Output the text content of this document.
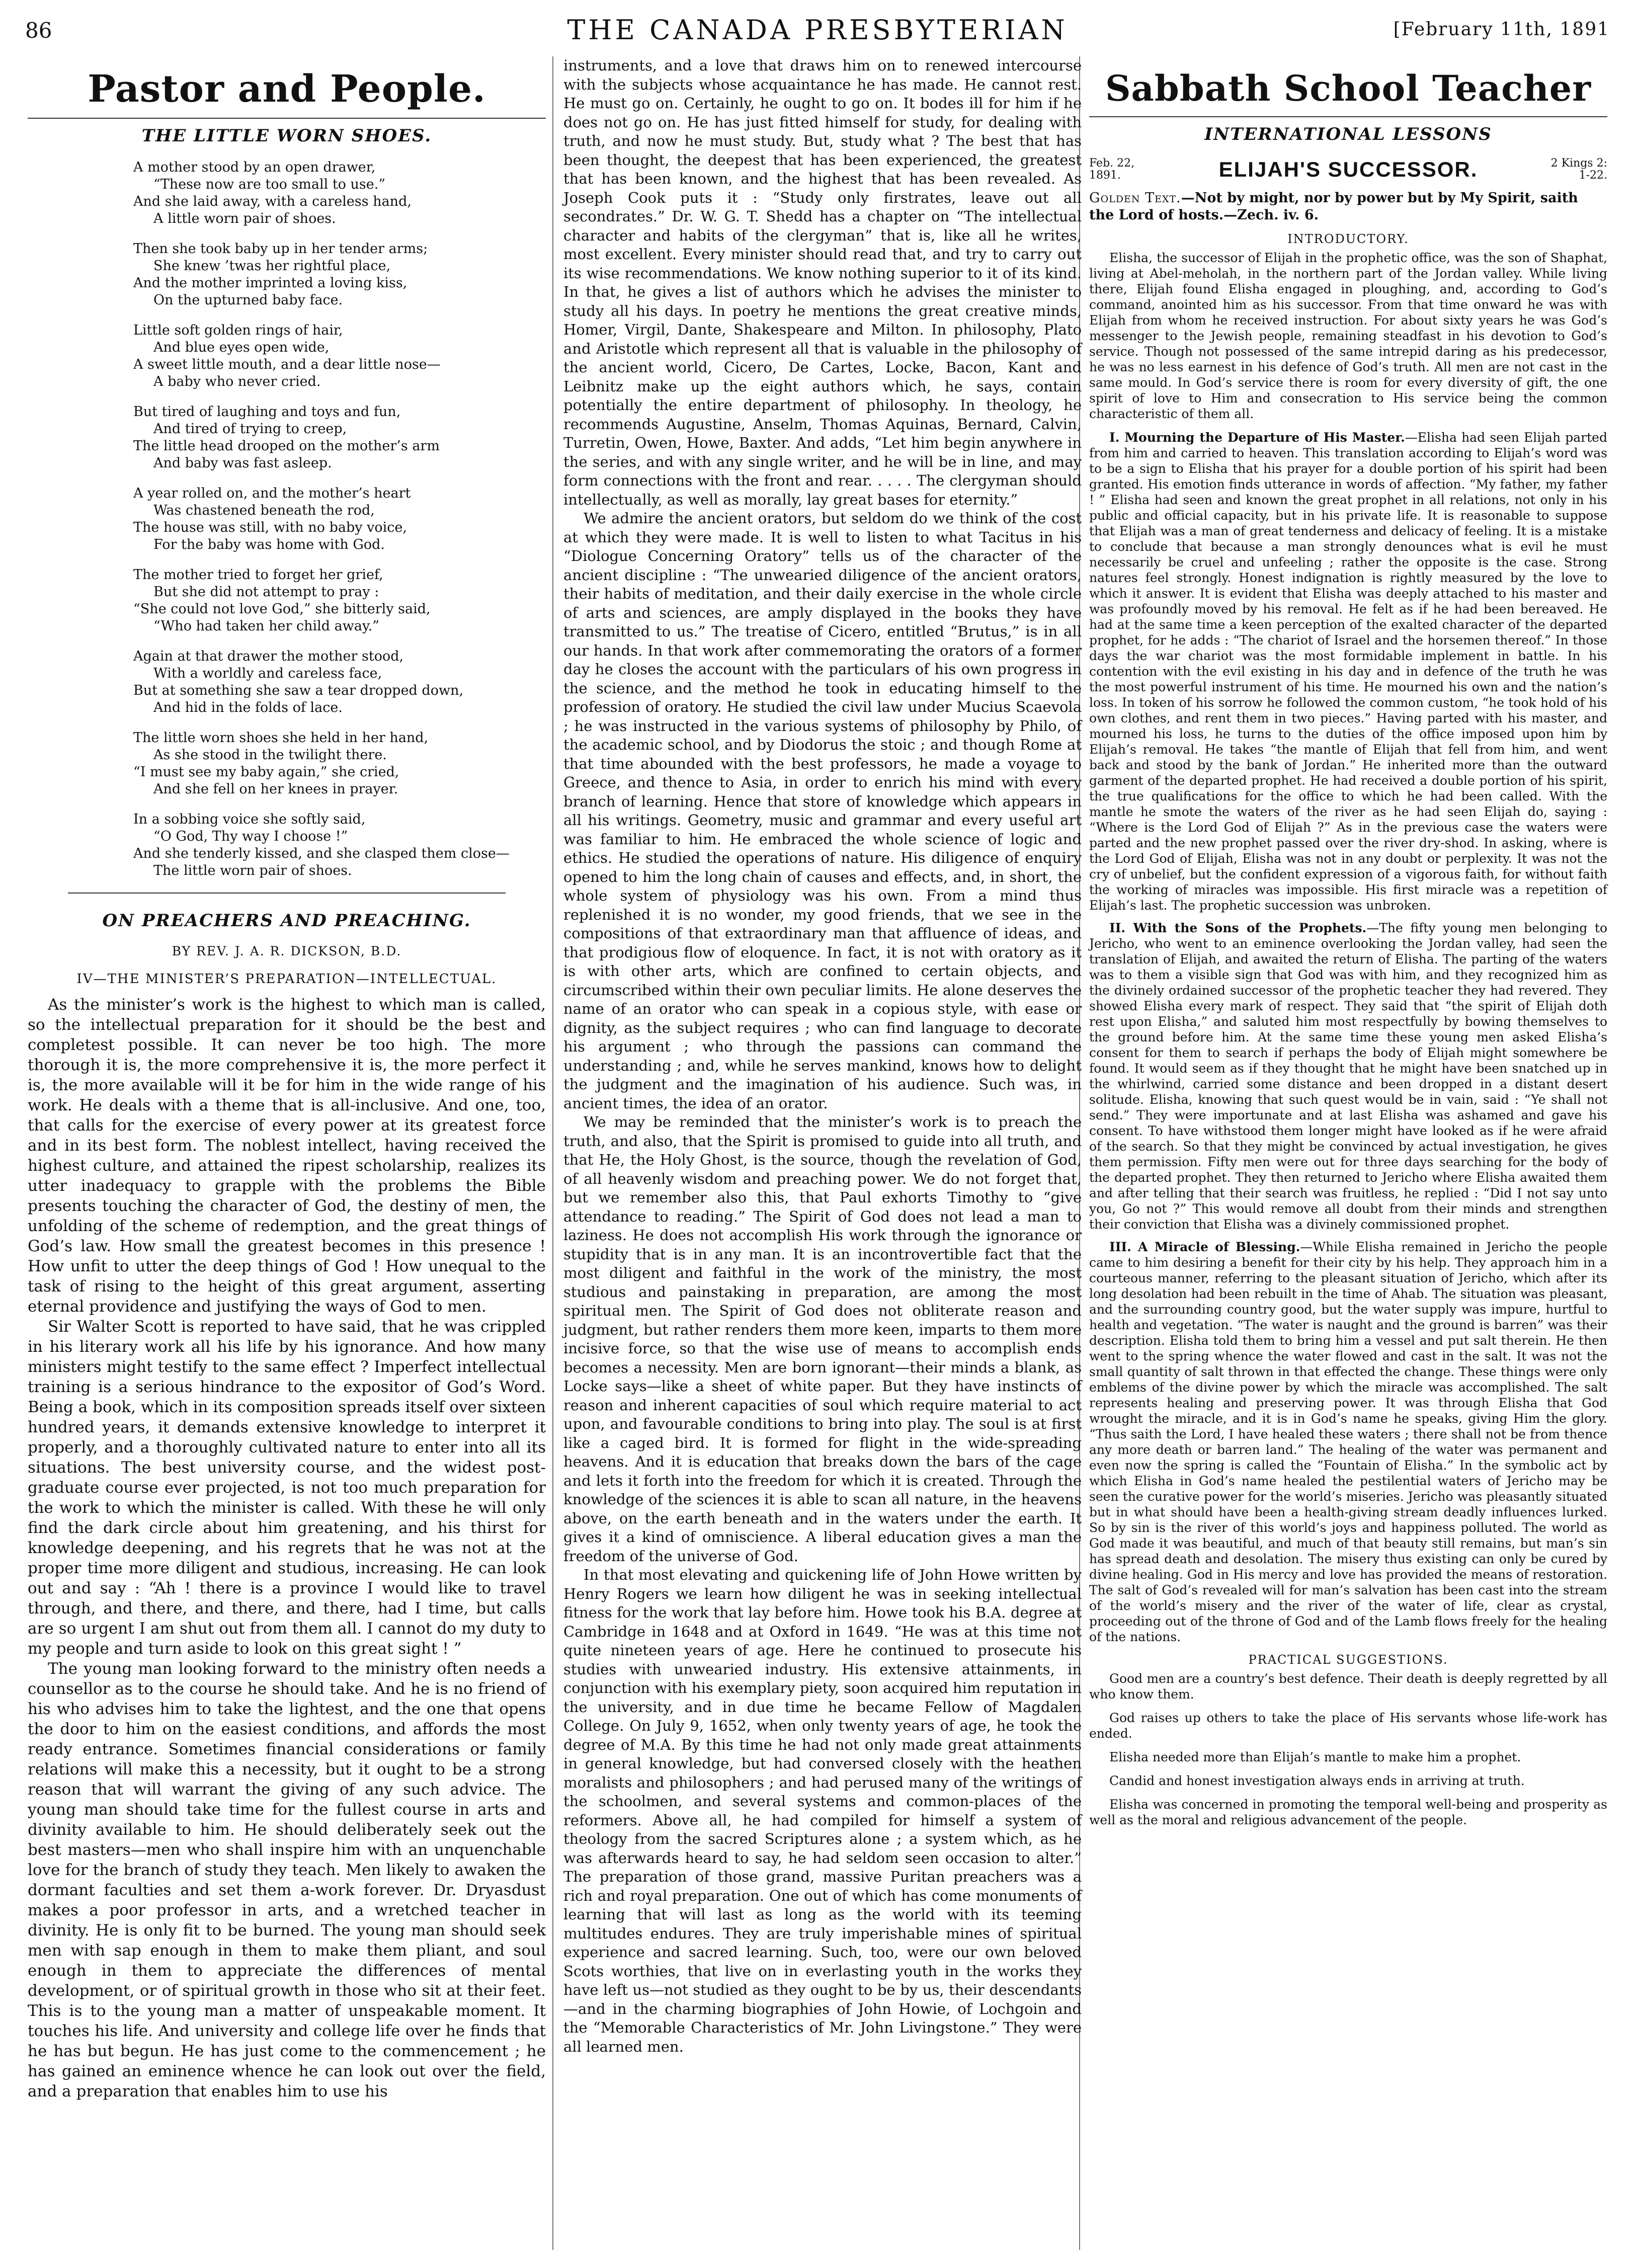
86	THE CANADA PRESBYTERIAN	[February 11th, 1891
Pastor and People.
THE LITTLE WORN SHOES.
A mother stood by an open drawer,
“These now are too small to use.”
And she laid away, with a careless hand,
A little worn pair of shoes.
Then she took baby up in her tender arms;
She knew ’twas her rightful place,
And the mother imprinted a loving kiss,
On the upturned baby face.
Little soft golden rings of hair,
And blue eyes open wide,
A sweet little mouth, and a dear little nose—
A baby who never cried.
But tired of laughing and toys and fun,
And tired of trying to creep,
The little head drooped on the mother’s arm
And baby was fast asleep.
A year rolled on, and the mother’s heart
Was chastened beneath the rod,
The house was still, with no baby voice,
For the baby was home with God.
The mother tried to forget her grief,
But she did not attempt to pray :
“She could not love God,” she bitterly said,
“Who had taken her child away.”
Again at that drawer the mother stood,
With a worldly and careless face,
But at something she saw a tear dropped down,
And hid in the folds of lace.
The little worn shoes she held in her hand,
As she stood in the twilight there.
“I must see my baby again,” she cried,
And she fell on her knees in prayer.
In a sobbing voice she softly said,
“O God, Thy way I choose !”
And she tenderly kissed, and she clasped them close—
The little worn pair of shoes.
ON PREACHERS AND PREACHING.
BY REV. J. A. R. DICKSON, B.D.
IV—THE MINISTER’S PREPARATION—INTELLECTUAL.

As the minister’s work is the highest to which man is called, so the intellectual preparation for it should be the best and completest possible. It can never be too high. The more thorough it is, the more comprehensive it is, the more perfect it is, the more available will it be for him in the wide range of his work. He deals with a theme that is all-inclusive. And one, too, that calls for the exercise of every power at its greatest force and in its best form. The noblest intellect, having received the highest culture, and attained the ripest scholarship, realizes its utter inadequacy to grapple with the problems the Bible presents touching the character of God, the destiny of men, the unfolding of the scheme of redemption, and the great things of God’s law. How small the greatest becomes in this presence ! How unfit to utter the deep things of God ! How unequal to the task of rising to the height of this great argument, asserting eternal providence and justifying the ways of God to men.

Sir Walter Scott is reported to have said, that he was crippled in his literary work all his life by his ignorance. And how many ministers might testify to the same effect ? Imperfect intellectual training is a serious hindrance to the expositor of God’s Word. Being a book, which in its composition spreads itself over sixteen hundred years, it demands extensive knowledge to interpret it properly, and a thoroughly cultivated nature to enter into all its situations. The best university course, and the widest post-graduate course ever projected, is not too much preparation for the work to which the minister is called. With these he will only find the dark circle about him greatening, and his thirst for knowledge deepening, and his regrets that he was not at the proper time more diligent and studious, increasing. He can look out and say : “Ah ! there is a province I would like to travel through, and there, and there, and there, had I time, but calls are so urgent I am shut out from them all. I cannot do my duty to my people and turn aside to look on this great sight ! ”

The young man looking forward to the ministry often needs a counsellor as to the course he should take. And he is no friend of his who advises him to take the lightest, and the one that opens the door to him on the easiest conditions, and affords the most ready entrance. Sometimes financial considerations or family relations will make this a necessity, but it ought to be a strong reason that will warrant the giving of any such advice. The young man should take time for the fullest course in arts and divinity available to him. He should deliberately seek out the best masters—men who shall inspire him with an unquenchable love for the branch of study they teach. Men likely to awaken the dormant faculties and set them a-work forever. Dr. Dryasdust makes a poor professor in arts, and a wretched teacher in divinity. He is only fit to be burned. The young man should seek men with sap enough in them to make them pliant, and soul enough in them to appreciate the differences of mental development, or of spiritual growth in those who sit at their feet. This is to the young man a matter of unspeakable moment. It touches his life. And university and college life over he finds that he has but begun. He has just come to the commencement ; he has gained an eminence whence he can look out over the field, and a preparation that enables him to use his

instruments, and a love that draws him on to renewed intercourse with the subjects whose acquaintance he has made. He cannot rest. He must go on. Certainly, he ought to go on. It bodes ill for him if he does not go on. He has just fitted himself for study, for dealing with truth, and now he must study. But, study what ? The best that has been thought, the deepest that has been experienced, the greatest that has been known, and the highest that has been revealed. As Joseph Cook puts it : “Study only firstrates, leave out all secondrates.” Dr. W. G. T. Shedd has a chapter on “The intellectual character and habits of the clergyman” that is, like all he writes, most excellent. Every minister should read that, and try to carry out its wise recommendations. We know nothing superior to it of its kind. In that, he gives a list of authors which he advises the minister to study all his days. In poetry he mentions the great creative minds, Homer, Virgil, Dante, Shakespeare and Milton. In philosophy, Plato and Aristotle which represent all that is valuable in the philosophy of the ancient world, Cicero, De Cartes, Locke, Bacon, Kant and Leibnitz make up the eight authors which, he says, contain potentially the entire department of philosophy. In theology, he recommends Augustine, Anselm, Thomas Aquinas, Bernard, Calvin, Turretin, Owen, Howe, Baxter. And adds, “Let him begin anywhere in the series, and with any single writer, and he will be in line, and may form connections with the front and rear. . . . . The clergyman should intellectually, as well as morally, lay great bases for eternity.”

We admire the ancient orators, but seldom do we think of the cost at which they were made. It is well to listen to what Tacitus in his “Diologue Concerning Oratory” tells us of the character of the ancient discipline : “The unwearied diligence of the ancient orators, their habits of meditation, and their daily exercise in the whole circle of arts and sciences, are amply displayed in the books they have transmitted to us.” The treatise of Cicero, entitled “Brutus,” is in all our hands. In that work after commemorating the orators of a former day he closes the account with the particulars of his own progress in the science, and the method he took in educating himself to the profession of oratory. He studied the civil law under Mucius Scaevola ; he was instructed in the various systems of philosophy by Philo, of the academic school, and by Diodorus the stoic ; and though Rome at that time abounded with the best professors, he made a voyage to Greece, and thence to Asia, in order to enrich his mind with every branch of learning. Hence that store of knowledge which appears in all his writings. Geometry, music and grammar and every useful art was familiar to him. He embraced the whole science of logic and ethics. He studied the operations of nature. His diligence of enquiry opened to him the long chain of causes and effects, and, in short, the whole system of physiology was his own. From a mind thus replenished it is no wonder, my good friends, that we see in the compositions of that extraordinary man that affluence of ideas, and that prodigious flow of eloquence. In fact, it is not with oratory as it is with other arts, which are confined to certain objects, and circumscribed within their own peculiar limits. He alone deserves the name of an orator who can speak in a copious style, with ease or dignity, as the subject requires ; who can find language to decorate his argument ; who through the passions can command the understanding ; and, while he serves mankind, knows how to delight the judgment and the imagination of his audience. Such was, in ancient times, the idea of an orator.

We may be reminded that the minister’s work is to preach the truth, and also, that the Spirit is promised to guide into all truth, and that He, the Holy Ghost, is the source, though the revelation of God, of all heavenly wisdom and preaching power. We do not forget that, but we remember also this, that Paul exhorts Timothy to “give attendance to reading.” The Spirit of God does not lead a man to laziness. He does not accomplish His work through the ignorance or stupidity that is in any man. It is an incontrovertible fact that the most diligent and faithful in the work of the ministry, the most studious and painstaking in preparation, are among the most spiritual men. The Spirit of God does not obliterate reason and judgment, but rather renders them more keen, imparts to them more incisive force, so that the wise use of means to accomplish ends becomes a necessity. Men are born ignorant—their minds a blank, as Locke says—like a sheet of white paper. But they have instincts of reason and inherent capacities of soul which require material to act upon, and favourable conditions to bring into play. The soul is at first like a caged bird. It is formed for flight in the wide-spreading heavens. And it is education that breaks down the bars of the cage and lets it forth into the freedom for which it is created. Through the knowledge of the sciences it is able to scan all nature, in the heavens above, on the earth beneath and in the waters under the earth. It gives it a kind of omniscience. A liberal education gives a man the freedom of the universe of God.

In that most elevating and quickening life of John Howe written by Henry Rogers we learn how diligent he was in seeking intellectual fitness for the work that lay before him. Howe took his B.A. degree at Cambridge in 1648 and at Oxford in 1649. “He was at this time not quite nineteen years of age. Here he continued to prosecute his studies with unwearied industry. His extensive attainments, in conjunction with his exemplary piety, soon acquired him reputation in the university, and in due time he became Fellow of Magdalen College. On July 9, 1652, when only twenty years of age, he took the degree of M.A. By this time he had not only made great attainments in general knowledge, but had conversed closely with the heathen moralists and philosophers ; and had perused many of the writings of the schoolmen, and several systems and common-places of the reformers. Above all, he had compiled for himself a system of theology from the sacred Scriptures alone ; a system which, as he was afterwards heard to say, he had seldom seen occasion to alter.” The preparation of those grand, massive Puritan preachers was a rich and royal preparation. One out of which has come monuments of learning that will last as long as the world with its teeming multitudes endures. They are truly imperishable mines of spiritual experience and sacred learning. Such, too, were our own beloved Scots worthies, that live on in everlasting youth in the works they have left us—not studied as they ought to be by us, their descendants—and in the charming biographies of John Howie, of Lochgoin and the “Memorable Characteristics of Mr. John Livingstone.” They were all learned men.

Sabbath School Teacher
INTERNATIONAL LESSONS
Feb. 22, 1891.	ELIJAH'S SUCCESSOR.	2 Kings 2: 1-22.

Golden Text.—Not by might, nor by power but by My Spirit, saith the Lord of hosts.—Zech. iv. 6.

INTRODUCTORY.

Elisha, the successor of Elijah in the prophetic office, was the son of Shaphat, living at Abel-meholah, in the northern part of the Jordan valley. While living there, Elijah found Elisha engaged in ploughing, and, according to God’s command, anointed him as his successor. From that time onward he was with Elijah from whom he received instruction. For about sixty years he was God’s messenger to the Jewish people, remaining steadfast in his devotion to God’s service. Though not possessed of the same intrepid daring as his predecessor, he was no less earnest in his defence of God’s truth. All men are not cast in the same mould. In God’s service there is room for every diversity of gift, the one spirit of love to Him and consecration to His service being the common characteristic of them all.

I. Mourning the Departure of His Master.—Elisha had seen Elijah parted from him and carried to heaven. This translation according to Elijah’s word was to be a sign to Elisha that his prayer for a double portion of his spirit had been granted. His emotion finds utterance in words of affection. “My father, my father ! ” Elisha had seen and known the great prophet in all relations, not only in his public and official capacity, but in his private life. It is reasonable to suppose that Elijah was a man of great tenderness and delicacy of feeling. It is a mistake to conclude that because a man strongly denounces what is evil he must necessarily be cruel and unfeeling ; rather the opposite is the case. Strong natures feel strongly. Honest indignation is rightly measured by the love to which it answer. It is evident that Elisha was deeply attached to his master and was profoundly moved by his removal. He felt as if he had been bereaved. He had at the same time a keen perception of the exalted character of the departed prophet, for he adds : “The chariot of Israel and the horsemen thereof.” In those days the war chariot was the most formidable implement in battle. In his contention with the evil existing in his day and in defence of the truth he was the most powerful instrument of his time. He mourned his own and the nation’s loss. In token of his sorrow he followed the common custom, “he took hold of his own clothes, and rent them in two pieces.” Having parted with his master, and mourned his loss, he turns to the duties of the office imposed upon him by Elijah’s removal. He takes “the mantle of Elijah that fell from him, and went back and stood by the bank of Jordan.” He inherited more than the outward garment of the departed prophet. He had received a double portion of his spirit, the true qualifications for the office to which he had been called. With the mantle he smote the waters of the river as he had seen Elijah do, saying : “Where is the Lord God of Elijah ?” As in the previous case the waters were parted and the new prophet passed over the river dry-shod. In asking, where is the Lord God of Elijah, Elisha was not in any doubt or perplexity. It was not the cry of unbelief, but the confident expression of a vigorous faith, for without faith the working of miracles was impossible. His first miracle was a repetition of Elijah’s last. The prophetic succession was unbroken.

II. With the Sons of the Prophets.—The fifty young men belonging to Jericho, who went to an eminence overlooking the Jordan valley, had seen the translation of Elijah, and awaited the return of Elisha. The parting of the waters was to them a visible sign that God was with him, and they recognized him as the divinely ordained successor of the prophetic teacher they had revered. They showed Elisha every mark of respect. They said that “the spirit of Elijah doth rest upon Elisha,” and saluted him most respectfully by bowing themselves to the ground before him. At the same time these young men asked Elisha’s consent for them to search if perhaps the body of Elijah might somewhere be found. It would seem as if they thought that he might have been snatched up in the whirlwind, carried some distance and been dropped in a distant desert solitude. Elisha, knowing that such quest would be in vain, said : “Ye shall not send.” They were importunate and at last Elisha was ashamed and gave his consent. To have withstood them longer might have looked as if he were afraid of the search. So that they might be convinced by actual investigation, he gives them permission. Fifty men were out for three days searching for the body of the departed prophet. They then returned to Jericho where Elisha awaited them and after telling that their search was fruitless, he replied : “Did I not say unto you, Go not ?” This would remove all doubt from their minds and strengthen their conviction that Elisha was a divinely commissioned prophet.

III. A Miracle of Blessing.—While Elisha remained in Jericho the people came to him desiring a benefit for their city by his help. They approach him in a courteous manner, referring to the pleasant situation of Jericho, which after its long desolation had been rebuilt in the time of Ahab. The situation was pleasant, and the surrounding country good, but the water supply was impure, hurtful to health and vegetation. “The water is naught and the ground is barren” was their description. Elisha told them to bring him a vessel and put salt therein. He then went to the spring whence the water flowed and cast in the salt. It was not the small quantity of salt thrown in that effected the change. These things were only emblems of the divine power by which the miracle was accomplished. The salt represents healing and preserving power. It was through Elisha that God wrought the miracle, and it is in God’s name he speaks, giving Him the glory. “Thus saith the Lord, I have healed these waters ; there shall not be from thence any more death or barren land.” The healing of the water was permanent and even now the spring is called the “Fountain of Elisha.” In the symbolic act by which Elisha in God’s name healed the pestilential waters of Jericho may be seen the curative power for the world’s miseries. Jericho was pleasantly situated but in what should have been a health-giving stream deadly influences lurked. So by sin is the river of this world’s joys and happiness polluted. The world as God made it was beautiful, and much of that beauty still remains, but man’s sin has spread death and desolation. The misery thus existing can only be cured by divine healing. God in His mercy and love has provided the means of restoration. The salt of God’s revealed will for man’s salvation has been cast into the stream of the world’s misery and the river of the water of life, clear as crystal, proceeding out of the throne of God and of the Lamb flows freely for the healing of the nations.

PRACTICAL SUGGESTIONS.

Good men are a country’s best defence. Their death is deeply regretted by all who know them.

God raises up others to take the place of His servants whose life-work has ended.

Elisha needed more than Elijah’s mantle to make him a prophet.

Candid and honest investigation always ends in arriving at truth.

Elisha was concerned in promoting the temporal well-being and prosperity as well as the moral and religious advancement of the people.
